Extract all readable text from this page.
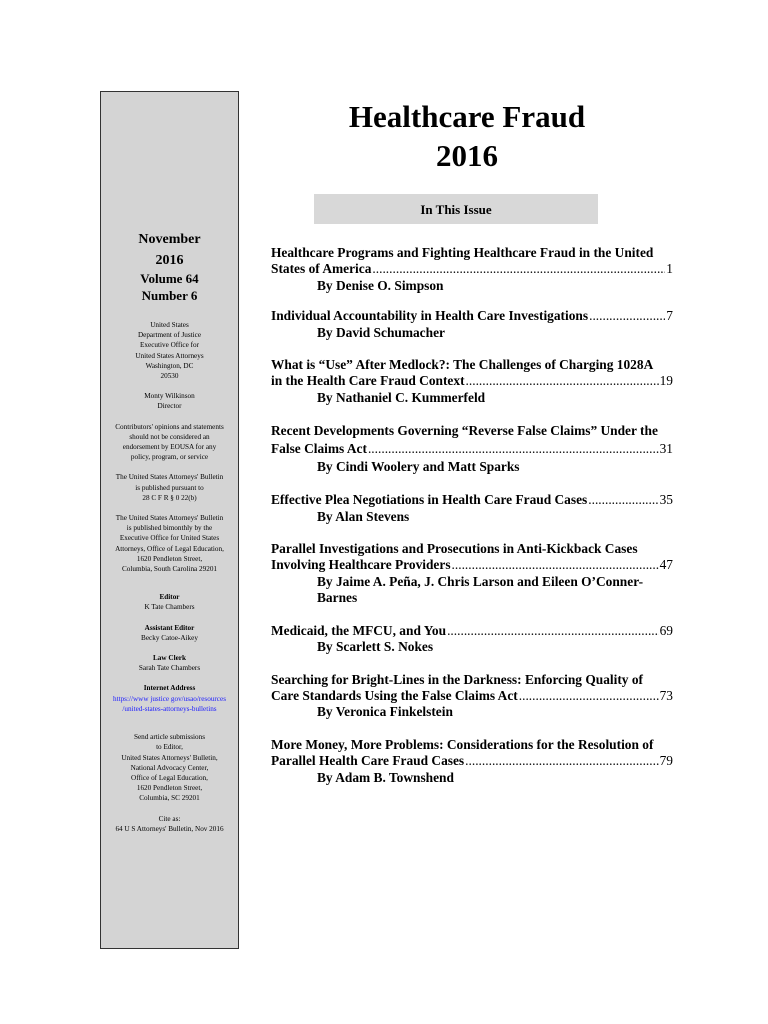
November
2016
Volume 64
Number 6
United States
Department of Justice
Executive Office for
United States Attorneys
Washington, DC
20530
Monty Wilkinson
Director
Contributors' opinions and statements
should not be considered an
endorsement by EOUSA for any
policy, program, or service
The United States Attorneys' Bulletin
is published pursuant to
28 C F R § 0 22(b)
The United States Attorneys' Bulletin
is published bimonthly by the
Executive Office for United States
Attorneys, Office of Legal Education,
1620 Pendleton Street,
Columbia, South Carolina 29201
Editor
K Tate Chambers
Assistant Editor
Becky Catoe-Aikey
Law Clerk
Sarah Tate Chambers
Internet Address
https://www justice gov/usao/resources
/united-states-attorneys-bulletins
Send article submissions
to Editor,
United States Attorneys' Bulletin,
National Advocacy Center,
Office of Legal Education,
1620 Pendleton Street,
Columbia, SC 29201
Cite as:
64 U S Attorneys' Bulletin, Nov 2016
Healthcare Fraud
2016
In This Issue
Healthcare Programs and Fighting Healthcare Fraud in the United
States of America .....	1
By Denise O. Simpson
Individual Accountability in Health Care Investigations .....	7
By David Schumacher
What is “Use” After Medlock?: The Challenges of Charging 1028A
in the Health Care Fraud Context .....	19
By Nathaniel C. Kummerfeld
Recent Developments Governing “Reverse False Claims” Under the
False Claims Act .....	31
By Cindi Woolery and Matt Sparks
Effective Plea Negotiations in Health Care Fraud Cases .....	35
By Alan Stevens
Parallel Investigations and Prosecutions in Anti-Kickback Cases
Involving Healthcare Providers .....	47
By Jaime A. Peña, J. Chris Larson and Eileen O’Conner-
Barnes
Medicaid, the MFCU, and You .....	69
By Scarlett S. Nokes
Searching for Bright-Lines in the Darkness: Enforcing Quality of
Care Standards Using the False Claims Act .....	73
By Veronica Finkelstein
More Money, More Problems: Considerations for the Resolution of
Parallel Health Care Fraud Cases .....	79
By Adam B. Townshend
